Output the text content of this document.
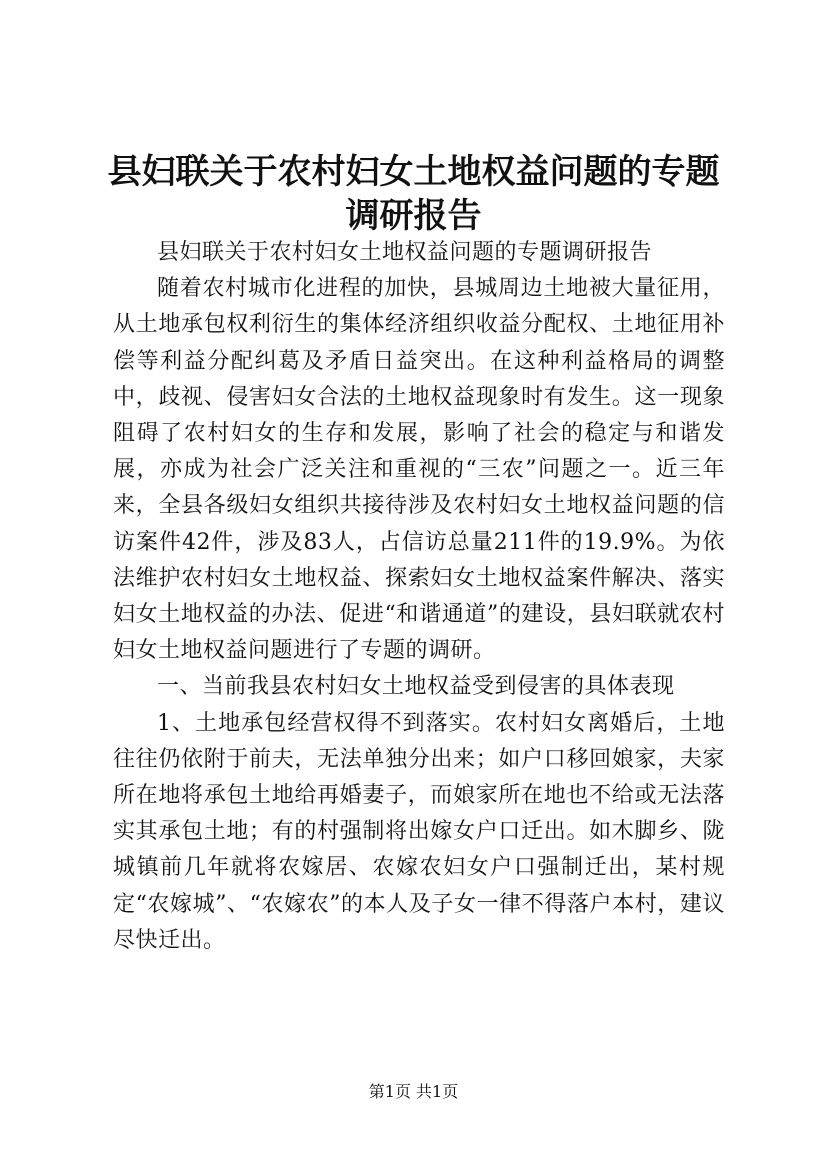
县妇联关于农村妇女土地权益问题的专题调研报告

县妇联关于农村妇女土地权益问题的专题调研报告

随着农村城市化进程的加快，县城周边土地被大量征用，从土地承包权利衍生的集体经济组织收益分配权、土地征用补偿等利益分配纠葛及矛盾日益突出。在这种利益格局的调整中，歧视、侵害妇女合法的土地权益现象时有发生。这一现象阻碍了农村妇女的生存和发展，影响了社会的稳定与和谐发展，亦成为社会广泛关注和重视的“三农”问题之一。近三年来，全县各级妇女组织共接待涉及农村妇女土地权益问题的信访案件42件，涉及83人，占信访总量211件的19.9%。为依法维护农村妇女土地权益、探索妇女土地权益案件解决、落实妇女土地权益的办法、促进“和谐通道”的建设，县妇联就农村妇女土地权益问题进行了专题的调研。

一、当前我县农村妇女土地权益受到侵害的具体表现

1、土地承包经营权得不到落实。农村妇女离婚后，土地往往仍依附于前夫，无法单独分出来；如户口移回娘家，夫家所在地将承包土地给再婚妻子，而娘家所在地也不给或无法落实其承包土地；有的村强制将出嫁女户口迁出。如木脚乡、陇城镇前几年就将农嫁居、农嫁农妇女户口强制迁出，某村规定“农嫁城”、“农嫁农”的本人及子女一律不得落户本村，建议尽快迁出。

第1页 共1页
